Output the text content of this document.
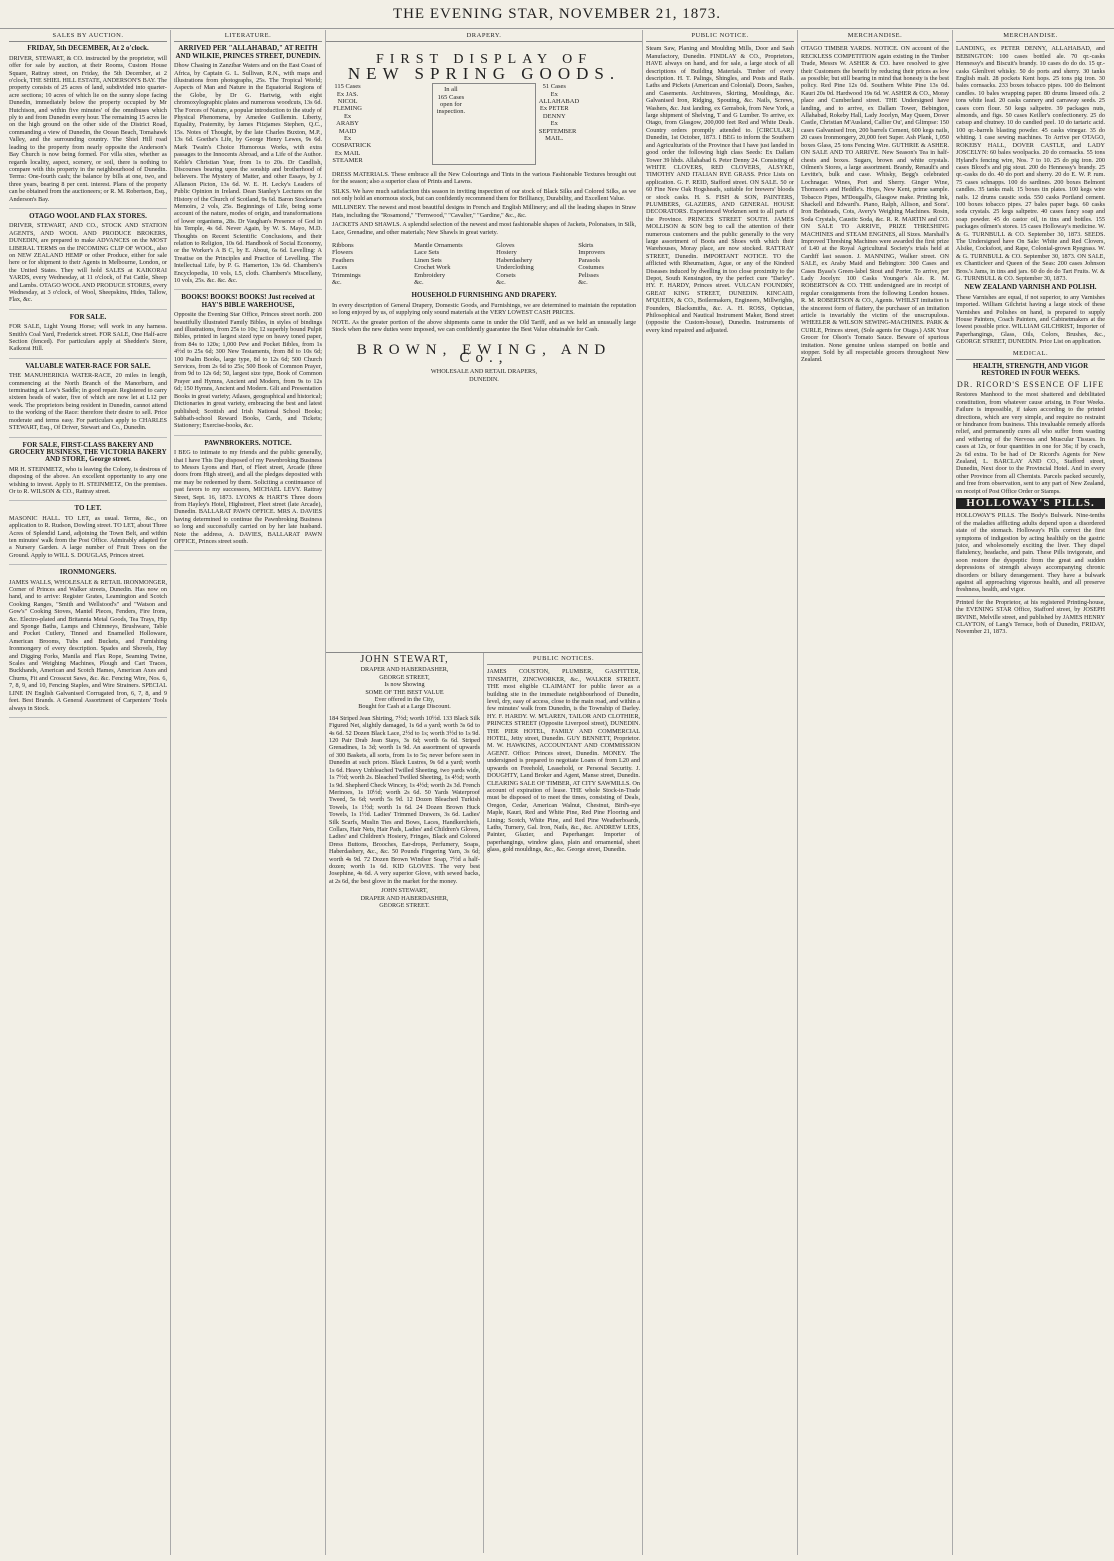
THE EVENING STAR, NOVEMBER 21, 1873.
SALES BY AUCTION.
FRIDAY, 5th DECEMBER, At 2 o'clock.

DRIVER, STEWART, & CO. instructed by the proprietor, will offer for sale by auction, at their Rooms, Custom House Square, Rattray street, on Friday, the 5th December, at 2 o'clock, THE SHIEL HILL ESTATE, ANDERSON'S BAY. The property consists of 25 acres of land, subdivided into quarter-acre sections; 10 acres of which lie on the sunny slope facing Dunedin, immediately below the property occupied by Mr Hutchison, and within five minutes' of the omnibuses which ply to and from Dunedin every hour. The remaining 15 acres lie on the high ground on the other side of the District Road, commanding a view of Dunedin, the Ocean Beach, Tomahawk Valley, and the surrounding country. The Shiel Hill road leading to the property from nearly opposite the Anderson's Bay Church is now being formed. For villa sites, whether as regards locality, aspect, scenery, or soil, there is nothing to compare with this property in the neighbourhood of Dunedin. Terms: One-fourth cash; the balance by bills at one, two, and three years, bearing 8 per cent. interest. Plans of the property can be obtained from the auctioneers; or R. M. Robertson, Esq., Anderson's Bay.

OTAGO WOOL AND FLAX STORES.

DRIVER, STEWART, AND CO., STOCK AND STATION AGENTS, AND WOOL AND PRODUCE BROKERS, DUNEDIN, are prepared to make ADVANCES on the MOST LIBERAL TERMS on the INCOMING CLIP OF WOOL, also on NEW ZEALAND HEMP or other Produce, either for sale here or for shipment to their Agents in Melbourne, London, or the United States. They will hold SALES at KAIKORAI YARDS, every Wednesday, at 11 o'clock, of Fat Cattle, Sheep and Lambs. OTAGO WOOL AND PRODUCE STORES, every Wednesday, at 3 o'clock, of Wool, Sheepskins, Hides, Tallow, Flax, &c.

FOR SALE.

FOR SALE, Light Young Horse; will work in any harness. Smith's Coal Yard, Frederick street. FOR SALE, One Half-acre Section (fenced). For particulars apply at Shedden's Store, Kaikorai Hill.

VALUABLE WATER-RACE FOR SALE.

THE MANUHERIKIA WATER-RACE, 20 miles in length, commencing at the North Branch of the Manorburn, and terminating at Low's Saddle; in good repair. Registered to carry sixteen heads of water, five of which are now let at L12 per week. The proprietors being resident in Dunedin, cannot attend to the working of the Race: therefore their desire to sell. Price moderate and terms easy. For particulars apply to CHARLES STEWART, Esq., Of Driver, Stewart and Co., Dunedin.

FOR SALE, FIRST-CLASS BAKERY AND GROCERY BUSINESS, THE VICTORIA BAKERY AND STORE, George street.

MR H. STEINMETZ, who is leaving the Colony, is desirous of disposing of the above. An excellent opportunity to any one wishing to invest. Apply to H. STEINMETZ, On the premises. Or to R. WILSON & CO., Rattray street.

TO LET.

MASONIC HALL. TO LET, as usual. Terms, &c., on application to R. Rudson, Dowling street. TO LET, about Three Acres of Splendid Land, adjoining the Town Belt, and within ten minutes' walk from the Post Office. Admirably adapted for a Nursery Garden. A large number of Fruit Trees on the Ground. Apply to WILL S. DOUGLAS, Princes street.

IRONMONGERS.

JAMES WALLS, WHOLESALE & RETAIL IRONMONGER, Corner of Princes and Walker streets, Dunedin. Has now on hand, and to arrive: Register Grates, Leamington and Scotch Cooking Ranges, "Smith and Wellstood's" and "Watson and Gow's" Cooking Stoves, Mantel Pieces, Fenders, Fire Irons, &c. Electro-plated and Britannia Metal Goods, Tea Trays, Hip and Sponge Baths, Lamps and Chimneys, Brushware, Table and Pocket Cutlery, Tinned and Enamelled Holloware, American Brooms, Tubs and Buckets, and Furnishing Ironmongery of every description. Spades and Shovels, Hay and Digging Forks, Manila and Flax Rope, Seaming Twine, Scales and Weighing Machines, Plough and Cart Traces, Buckhands, American and Scotch Hames, American Axes and Churns, Fit and Crosscut Saws, &c. &c. Fencing Wire, Nos. 6, 7, 8, 9, and 10, Fencing Staples, and Wire Strainers. SPECIAL LINE IN English Galvanised Corrugated Iron, 6, 7, 8, and 9 feet. Best Brands. A General Assortment of Carpenters' Tools always in Stock.

LITERATURE.
ARRIVED PER "ALLAHABAD," AT REITH AND WILKIE, PRINCES STREET, DUNEDIN.

Dhow Chasing in Zanzibar Waters and on the East Coast of Africa, by Captain G. L. Sullivan, R.N., with maps and illustrations from photographs, 25s. The Tropical World; Aspects of Man and Nature in the Equatorial Regions of the Globe, by Dr G. Hartwig, with eight chromoxylographic plates and numerous woodcuts, 13s 6d. The Forces of Nature, a popular introduction to the study of Physical Phenomena, by Amedee Guillemin. Liberty, Equality, Fraternity, by James Fitzjames Stephen, Q.C., 15s. Notes of Thought, by the late Charles Buxton, M.P., 13s 6d. Goethe's Life, by George Henry Lewes, 9s 6d. Mark Twain's Choice Humorous Works, with extra passages to the Innocents Abroad, and a Life of the Author. Keble's Christian Year, from 1s to 20s. Dr Candlish, Discourses bearing upon the sonship and brotherhood of believers. The Mystery of Matter, and other Essays, by J. Allanson Picton, 13s 6d. W. E. H. Lecky's Leaders of Public Opinion in Ireland. Dean Stanley's Lectures on the History of the Church of Scotland, 9s 6d. Baron Stockmar's Memoirs, 2 vols, 25s. Beginnings of Life, being some account of the nature, modes of origin, and transformations of lower organisms, 28s. Dr Vaughan's Presence of God in his Temple, 4s 6d. Never Again, by W. S. Mayo, M.D. Thoughts on Recent Scientific Conclusions, and their relation to Religion, 10s 6d. Handbook of Social Economy, or the Worker's A B C, by E. About, 6s 6d. Levelling: A Treatise on the Principles and Practice of Levelling. The Intellectual Life, by P. G. Hamerton, 13s 6d. Chambers's Encyclopedia, 10 vols, L5, cloth. Chambers's Miscellany, 10 vols, 25s. &c. &c. &c.

BOOKS! BOOKS! BOOKS! Just received at HAY'S BIBLE WAREHOUSE,

Opposite the Evening Star Office, Princes street north. 200 beautifully illustrated Family Bibles, in styles of bindings and illustrations, from 25s to 10s; 12 superbly bound Pulpit Bibles, printed in largest sized type on heavy toned paper, from 84s to 120s; 1,000 Pew and Pocket Bibles, from 1s 4½d to 25s 6d; 300 New Testaments, from 8d to 10s 6d; 100 Psalm Books, large type, 8d to 12s 6d; 500 Church Services, from 2s 6d to 25s; 500 Book of Common Prayer, from 9d to 12s 6d; 50, largest size type, Book of Common Prayer and Hymns, Ancient and Modern, from 9s to 12s 6d; 150 Hymns, Ancient and Modern. Gilt and Presentation Books in great variety; Atlases, geographical and historical; Dictionaries in great variety, embracing the best and latest published; Scottish and Irish National School Books; Sabbath-school Reward Books, Cards, and Tickets; Stationery; Exercise-books, &c.

PAWNBROKERS. NOTICE.

I BEG to intimate to my friends and the public generally, that I have This Day disposed of my Pawnbroking Business to Messrs Lyons and Hart, of Fleet street, Arcade (three doors from High street), and all the pledges deposited with me may be redeemed by them. Soliciting a continuance of past favors to my successors, MICHAEL LEVY. Rattray Street, Sept. 16, 1873. LYONS & HART'S Three doors from Hayley's Hotel, Highstreet, Fleet street (late Arcade), Dunedin. BALLARAT PAWN OFFICE. MRS A. DAVIES having determined to continue the Pawnbroking Business so long and successfully carried on by her late husband. Note the address, A. DAVIES, BALLARAT PAWN OFFICE, Princes street south.

DRAPERY.
FIRST DISPLAY OF
NEW SPRING GOODS.
115 Cases
Ex JAS. NICOL FLEMING
Ex ARABY MAID
Ex COSPATRICK
Ex MAIL STEAMER
In all
165 Cases
open for
inspection.
51 Cases
Ex ALLAHABAD
Ex PETER DENNY
Ex SEPTEMBER MAIL.

DRESS MATERIALS. These embrace all the New Colourings and Tints in the various Fashionable Textures brought out for the season; also a superior class of Prints and Lawns.

SILKS. We have much satisfaction this season in inviting inspection of our stock of Black Silks and Colored Silks, as we not only hold an enormous stock, but can confidently recommend them for Brilliancy, Durability, and Excellent Value.

MILLINERY. The newest and most beautiful designs in French and English Millinery; and all the leading shapes in Straw Hats, including the "Rosamond," "Fernwood," "Cavalier," "Gardine," &c., &c.

JACKETS AND SHAWLS. A splendid selection of the newest and most fashionable shapes of Jackets, Polonaises, in Silk, Lace, Grenadine, and other materials; New Shawls in great variety.

Ribbons
Flowers
Feathers
Laces
Trimmings
&c.
Mantle Ornaments
Lace Sets
Linen Sets
Crochet Work
Embroidery
&c.
Gloves
Hosiery
Haberdashery
Underclothing
Corsets
&c.
Skirts
Improvers
Parasols
Costumes
Pelisses
&c.
HOUSEHOLD FURNISHING AND DRAPERY.

In every description of General Drapery, Domestic Goods, and Furnishings, we are determined to maintain the reputation so long enjoyed by us, of supplying only sound materials at the VERY LOWEST CASH PRICES.

NOTE. As the greater portion of the above shipments came in under the Old Tariff, and as we held an unusually large Stock when the new duties were imposed, we can confidently guarantee the Best Value obtainable for Cash.

BROWN, EWING, AND Co.,
WHOLESALE AND RETAIL DRAPERS,
DUNEDIN.
JOHN STEWART,
DRAPER AND HABERDASHER,
GEORGE STREET,
Is now Showing
SOME OF THE BEST VALUE
Ever offered in the City,
Bought for Cash at a Large Discount.

184 Striped Jean Shirting, 7½d; worth 10½d. 133 Black Silk Figured Net, slightly damaged, 1s 6d a yard; worth 3s 6d to 4s 6d. 52 Dozen Black Lace, 2½d to 1s; worth 3½d to 1s 9d. 120 Pair Drab Jean Stays, 3s 6d; worth 6s 6d. Striped Grenadines, 1s 3d; worth 1s 9d. An assortment of upwards of 300 Baskets, all sorts, from 1s to 5s; never before seen in Dunedin at such prices. Black Lustres, 9s 6d a yard; worth 1s 6d. Heavy Unbleached Twilled Sheeting, two yards wide, 1s 7½d; worth 2s. Bleached Twilled Sheeting, 1s 4½d; worth 1s 9d. Shepherd Check Wincey, 1s 4½d; worth 2s 3d. French Merinoes, 1s 10½d; worth 2s 6d. 50 Yards Waterproof Tweed, 5s 6d; worth 5s 9d. 12 Dozen Bleached Turkish Towels, 1s 1½d; worth 1s 6d. 24 Dozen Brown Huck Towels, 1s 1½d. Ladies' Trimmed Drawers, 3s 6d. Ladies' Silk Scarfs, Muslin Ties and Bows, Laces, Handkerchiefs, Collars, Hair Nets, Hair Pads, Ladies' and Children's Gloves, Ladies' and Children's Hosiery, Fringes, Black and Colored Dress Buttons, Brooches, Ear-drops, Perfumery, Soaps, Haberdashery, &c., &c. 50 Pounds Fingering Yarn, 3s 6d; worth 4s 9d. 72 Dozen Brown Windsor Soap, 7½d a half-dozen; worth 1s 6d. KID GLOVES. The very best Josephine, 4s 6d. A very superior Glove, with sewed backs, at 2s 6d, the best glove in the market for the money.

JOHN STEWART,
DRAPER AND HABERDASHER,
GEORGE STREET.
PUBLIC NOTICES.

JAMES COUSTON, PLUMBER, GASFITTER, TINSMITH, ZINCWORKER, &c., WALKER STREET. THE most eligible CLAIMANT for public favor as a building site in the immediate neighbourhood of Dunedin, level, dry, easy of access, close to the main road, and within a few minutes' walk from Dunedin, is the Township of Darley. HY. F. HARDY. W. M'LAREN, TAILOR AND CLOTHIER, PRINCES STREET (Opposite Liverpool street), DUNEDIN. THE PIER HOTEL, FAMILY AND COMMERCIAL HOTEL, Jetty street, Dunedin. GUY BENNETT, Proprietor. M. W. HAWKINS, ACCOUNTANT AND COMMISSION AGENT. Office: Princes street, Dunedin. MONEY. The undersigned is prepared to negotiate Loans of from L20 and upwards on Freehold, Leasehold, or Personal Security. J. DOUGHTY, Land Broker and Agent, Manse street, Dunedin. CLEARING SALE OF TIMBER, AT CITY SAWMILLS. On account of expiration of lease. THE whole Stock-in-Trade must be disposed of to meet the times, consisting of Deals, Oregon, Cedar, American Walnut, Chestnut, Bird's-eye Maple, Kauri, Red and White Pine, Red Pine Flooring and Lining; Scotch, White Pine, and Red Pine Weatherboards, Laths, Turnery, Gal. Iron, Nails, &c., &c. ANDREW LEES, Painter, Glazier, and Paperhanger. Importer of paperhangings, window glass, plain and ornamental, sheet glass, gold mouldings, &c., &c. George street, Dunedin.

PUBLIC NOTICE.

Steam Saw, Planing and Moulding Mills, Door and Sash Manufactory, Dunedin. FINDLAY & CO., Proprietors, HAVE always on hand, and for sale, a large stock of all descriptions of Building Materials. Timber of every description. H. T. Palings, Shingles, and Posts and Rails. Laths and Pickets (American and Colonial). Doors, Sashes, and Casements. Architraves, Skirting, Mouldings, &c. Galvanised Iron, Ridging, Spouting, &c. Nails, Screws, Washers, &c. Just landing, ex Gemsbok, from New York, a large shipment of Shelving, T and G Lumber. To arrive, ex Otago, from Glasgow, 200,000 feet Red and White Deals. Country orders promptly attended to. [CIRCULAR.] Dunedin, 1st October, 1873. I BEG to inform the Southern and Agriculturists of the Province that I have just landed in good order the following high class Seeds: Ex Dallam Tower 39 hhds. Allahabad 6. Peter Denny 24. Consisting of WHITE CLOVERS, RED CLOVERS, ALSYKE, TIMOTHY AND ITALIAN RYE GRASS. Price Lists on application. G. F. REID, Stafford street. ON SALE. 50 or 60 Fine New Oak Hogsheads, suitable for brewers' bloods or stock casks. H. S. FISH & SON, PAINTERS, PLUMBERS, GLAZIERS, AND GENERAL HOUSE DECORATORS. Experienced Workmen sent to all parts of the Province. PRINCES STREET SOUTH. JAMES MOLLISON & SON beg to call the attention of their numerous customers and the public generally to the very large assortment of Boots and Shoes with which their Warehouses, Moray place, are now stocked. RATTRAY STREET, Dunedin. IMPORTANT NOTICE. TO the afflicted with Rheumatism, Ague, or any of the Kindred Diseases induced by dwelling in too close proximity to the Depot, South Kensington, try the perfect cure "Darley". HY. F. HARDY, Princes street. VULCAN FOUNDRY, GREAT KING STREET, DUNEDIN. KINCAID, M'QUEEN, & CO., Boilermakers, Engineers, Millwrights, Founders, Blacksmiths, &c. A. H. ROSS, Optician, Philosophical and Nautical Instrument Maker, Bond street (opposite the Custom-house), Dunedin. Instruments of every kind repaired and adjusted.

MERCHANDISE.

OTAGO TIMBER YARDS. NOTICE. ON account of the RECKLESS COMPETITION again existing in the Timber Trade, Messrs W. ASHER & CO. have resolved to give their Customers the benefit by reducing their prices as low as possible; but still bearing in mind that honesty is the best policy. Red Pine 12s 0d. Southern White Pine 13s 0d. Kauri 20s 0d. Hardwood 19s 6d. W. ASHER & CO., Moray place and Cumberland street. THE Undersigned have landing, and to arrive, ex Dallam Tower, Bebington, Allahabad, Rokeby Hall, Lady Jocelyn, May Queen, Dover Castle, Christian M'Ausland, Callier Ou', and Glimpse: 150 cases Galvanised Iron, 200 barrels Cement, 600 kegs nails, 20 cases Ironmongery, 20,000 feet Super. Ash Plank, 1,050 boxes Glass, 25 tons Fencing Wire. GUTHRIE & ASHER. ON SALE AND TO ARRIVE. New Season's Tea in half-chests and boxes. Sugars, brown and white crystals. Oilmen's Stores, a large assortment. Brandy, Renault's and Levitte's, bulk and case. Whisky, Begg's celebrated Lochnagar. Wines, Port and Sherry. Ginger Wine, Thomson's and Heddle's. Hops, New Kent, prime sample. Tobacco Pipes, M'Dougall's, Glasgow make. Printing Ink, Shackell and Edward's. Piano, Ralph, Allison, and Sons'. Iron Bedsteads, Cots, Avery's Weighing Machines. Rosin, Soda Crystals, Caustic Soda, &c. R. R. MARTIN and CO. ON SALE TO ARRIVE, PRIZE THRESHING MACHINES and STEAM ENGINES, all Sizes. Marshall's Improved Threshing Machines were awarded the first prize of L40 at the Royal Agricultural Society's trials held at Cardiff last season. J. MANNING, Walker street. ON SALE, ex Araby Maid and Bebington: 300 Cases and Cases Byass's Green-label Stout and Porter. To arrive, per Lady Jocelyn: 100 Casks Younger's Ale. R. M. ROBERTSON & CO. THE undersigned are in receipt of regular consignments from the following London houses. R. M. ROBERTSON & CO., Agents. WHILST imitation is the sincerest form of flattery, the purchaser of an imitation article is invariably the victim of the unscrupulous. WHEELER & WILSON SEWING-MACHINES. PARK & CURLE, Princes street, (Sole agents for Otago.) ASK Your Grocer for Olson's Tomato Sauce. Beware of spurious imitation. None genuine unless stamped on bottle and stopper. Sold by all respectable grocers throughout New Zealand.

MERCHANDISE.

LANDING, ex PETER DENNY, ALLAHABAD, and BEBINGTON: 100 cases bottled ale. 70 qr.-casks Hennessy's and Biscuit's brandy. 10 cases do do do. 15 qr.-casks Glenlivet whisky. 50 do ports and sherry. 30 tanks English malt. 28 pockets Kent hops. 25 tons pig iron. 30 bales cornsacks. 233 boxes tobacco pipes. 100 do Belmont candles. 10 bales wrapping paper. 80 drums linseed oils. 2 tons white lead. 20 casks cannery and carraway seeds. 25 cases corn flour. 50 kegs saltpetre. 39 packages nuts, almonds, and figs. 50 cases Keiller's confectionery. 25 do catsup and chutney. 10 do candied peel. 10 do tartaric acid. 100 qr.-barrels blasting powder. 45 casks vinegar. 35 do whiting. 1 case sewing machines. To Arrive per OTAGO, ROKEBY HALL, DOVER CASTLE, and LADY JOSCELYN: 60 bales woolpacks. 20 do cornsacks. 55 tons Hyland's fencing wire, Nos. 7 to 10. 25 do pig iron. 200 cases Bloxd's and pig stout. 200 do Hennessy's brandy. 25 qr.-casks do do. 40 do port and sherry. 20 do E. W. P. rum. 75 cases schnapps. 100 do sardines. 200 boxes Belmont candles. 35 tanks malt. 15 boxes tin plates. 100 kegs wire nails. 12 drums caustic soda. 550 casks Portland cement. 100 boxes tobacco pipes. 27 bales paper bags. 60 casks soda crystals. 25 kegs saltpetre. 40 cases fancy soap and soap powder. 45 do castor oil, in tins and bottles. 155 packages oilmen's stores. 15 cases Holloway's medicine. W. & G. TURNBULL & CO. September 30, 1873. SEEDS. The Undersigned have On Sale: White and Red Clovers, Alsike, Cocksfoot, and Rape, Colonial-grown Ryegrass. W. & G. TURNBULL & CO. September 30, 1873. ON SALE, ex Chanticleer and Queen of the Seas: 200 cases Johnson Bros.'s Jams, in tins and jars. 60 do do do Tart Fruits. W. & G. TURNBULL & CO. September 30, 1873.

NEW ZEALAND VARNISH AND POLISH.

These Varnishes are equal, if not superior, to any Varnishes imported. William Gilchrist having a large stock of these Varnishes and Polishes on hand, is prepared to supply House Painters, Coach Painters, and Cabinetmakers at the lowest possible price. WILLIAM GILCHRIST, Importer of Paperhangings, Glass, Oils, Colors, Brushes, &c., GEORGE STREET, DUNEDIN. Price List on application.

MEDICAL.
HEALTH, STRENGTH, AND VIGOR RESTORED IN FOUR WEEKS.
DR. RICORD'S ESSENCE OF LIFE

Restores Manhood to the most shattered and debilitated constitution, from whatever cause arising, in Four Weeks. Failure is impossible, if taken according to the printed directions, which are very simple, and require no restraint or hindrance from business. This invaluable remedy affords relief, and permanently cures all who suffer from wasting and withering of the Nervous and Muscular Tissues. In cases at 12s, or four quantities in one for 36s; if by coach, 2s 6d extra. To be had of Dr Ricord's Agents for New Zealand, L. BARCLAY AND CO., Stafford street, Dunedin, Next door to the Provincial Hotel. And in every other Province from all Chemists. Parcels packed securely, and free from observation, sent to any part of New Zealand, on receipt of Post Office Order or Stamps.

HOLLOWAY'S PILLS.

HOLLOWAY'S PILLS. The Body's Bulwark. Nine-tenths of the maladies afflicting adults depend upon a disordered state of the stomach. Holloway's Pills correct the first symptoms of indigestion by acting healthily on the gastric juice, and wholesomely exciting the liver. They dispel flatulency, headache, and pain. These Pills invigorate, and soon restore the dyspeptic from the great and sudden depressions of strength always accompanying chronic disorders or biliary derangement. They have a bulwark against all approaching vigorous health, and all preserve freshness, health, and vigor.

Printed for the Proprietor, at his registered Printing-house, the EVENING STAR Office, Stafford street, by JOSEPH IRVINE, Melville street, and published by JAMES HENRY CLAYTON, of Lang's Terrace, both of Dunedin, FRIDAY, November 21, 1873.
